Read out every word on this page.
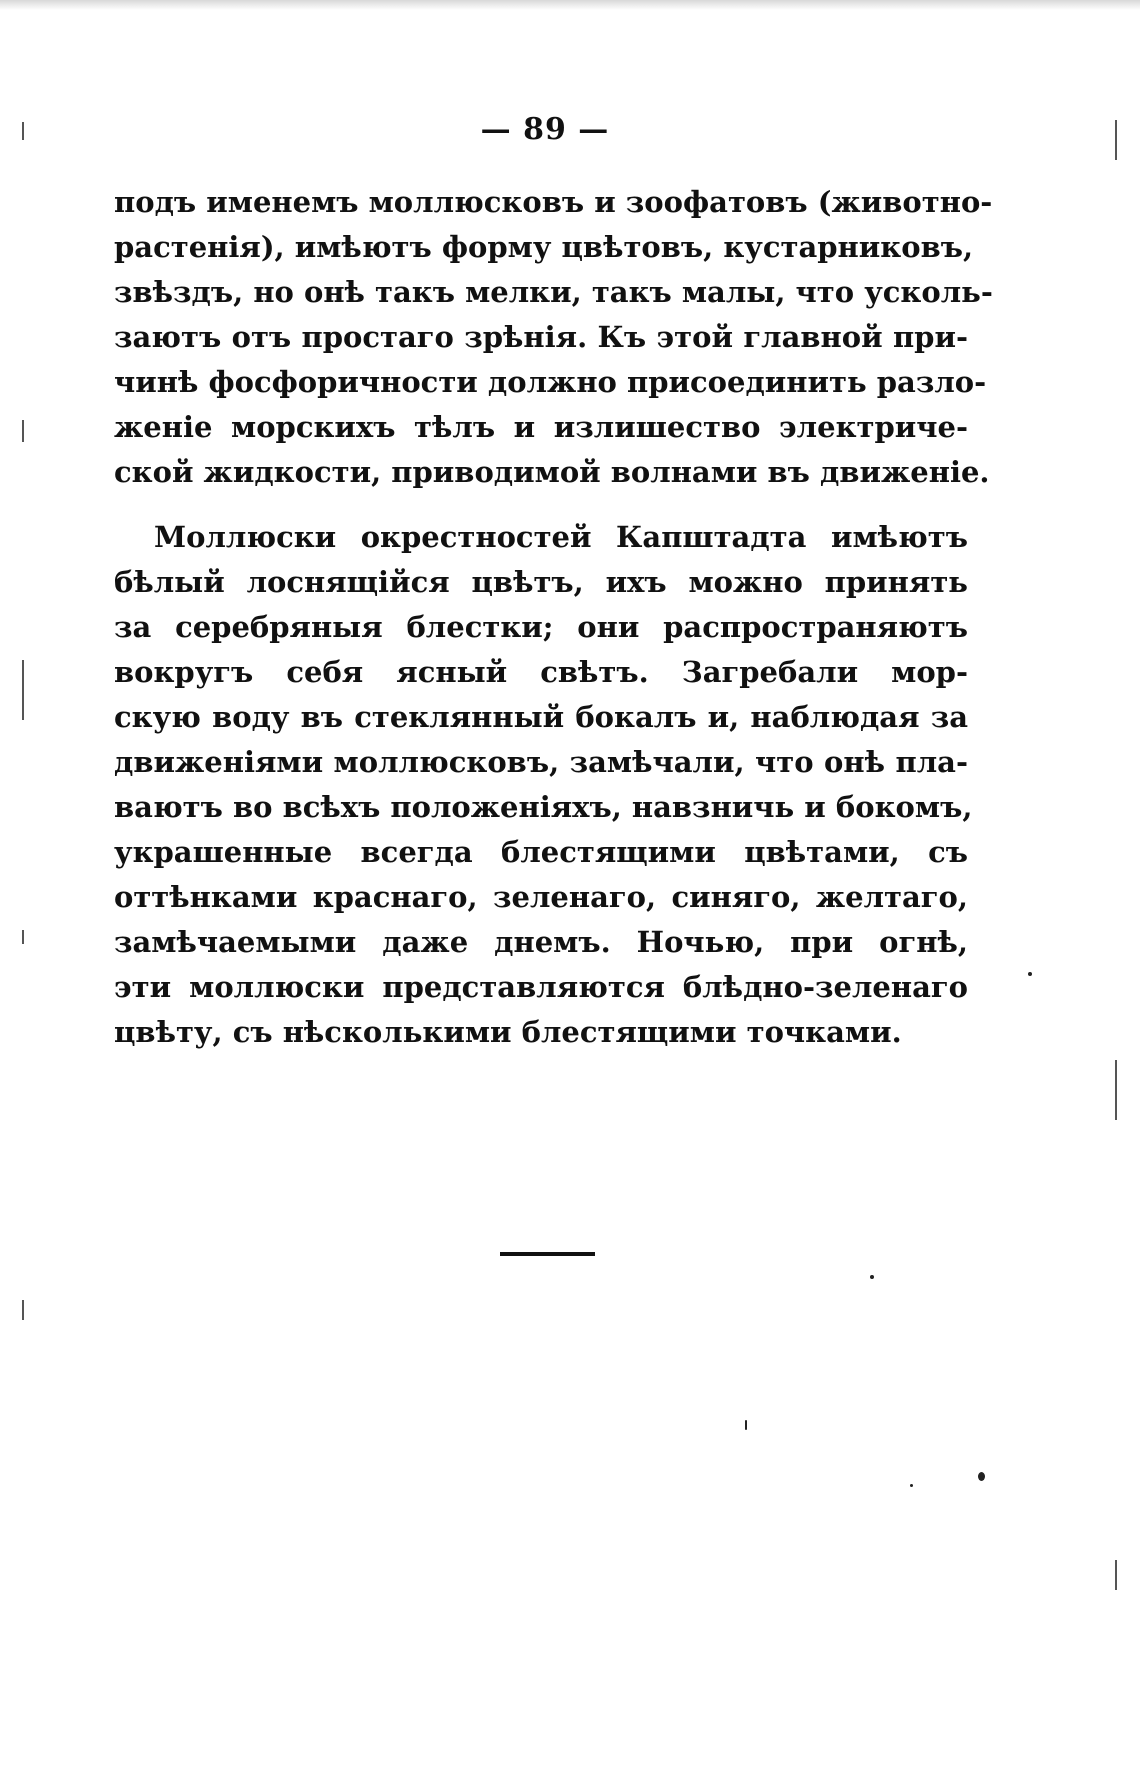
— 89 —
подъ именемъ моллюсковъ и зоофатовъ (животно-
растенія), имѣютъ форму цвѣтовъ, кустарниковъ,
звѣздъ, но онѣ такъ мелки, такъ малы, что усколь-
заютъ отъ простаго зрѣнія. Къ этой главной при-
чинѣ фосфоричности должно присоединить разло-
женіе морскихъ тѣлъ и излишество электриче-
ской жидкости, приводимой волнами въ движеніе.
Моллюски окрестностей Капштадта имѣютъ
бѣлый лоснящійся цвѣтъ, ихъ можно принять
за серебряныя блестки; они распространяютъ
вокругъ себя ясный свѣтъ. Загребали мор-
скую воду въ стеклянный бокалъ и, наблюдая за
движеніями моллюсковъ, замѣчали, что онѣ пла-
ваютъ во всѣхъ положеніяхъ, навзничь и бокомъ,
украшенные всегда блестящими цвѣтами, съ
оттѣнками краснаго, зеленаго, синяго, желтаго,
замѣчаемыми даже днемъ. Ночью, при огнѣ,
эти моллюски представляются блѣдно-зеленаго
цвѣту, съ нѣсколькими блестящими точками.
